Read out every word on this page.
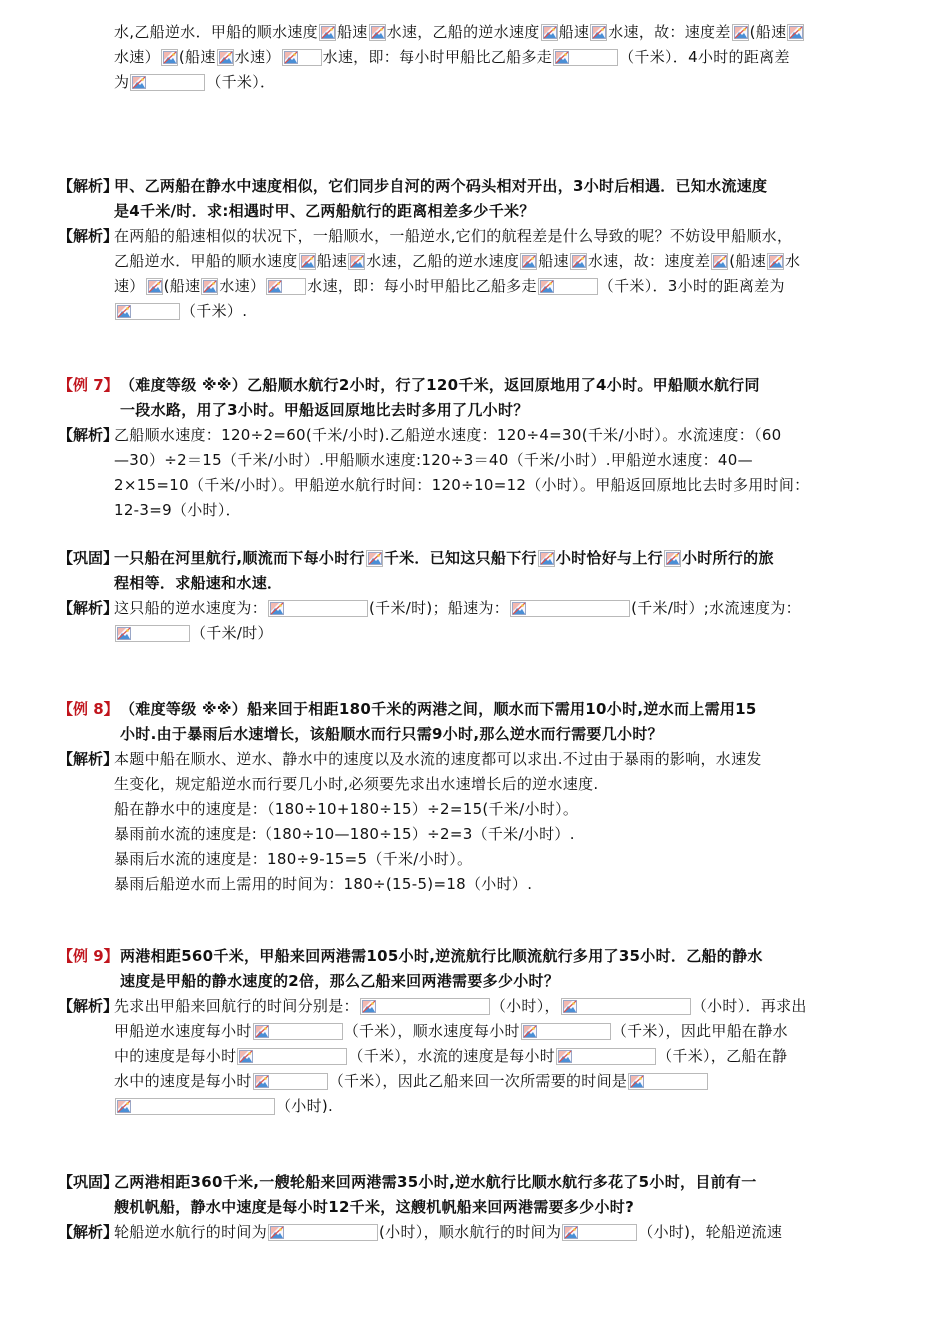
水,乙船逆水．甲船的顺水速度 船速 水速，乙船的逆水速度 船速 水速，故：速度差 (船速
水速） (船速 水速）	水速，即：每小时甲船比乙船多走	（千米）．4小时的距离差
为	（千米）．
【解析】
甲、乙两船在静水中速度相似，它们同步自河的两个码头相对开出，3小时后相遇．已知水流速度
是4千米/时．求:相遇时甲、乙两船航行的距离相差多少千米？
【解析】
在两船的船速相似的状况下，一船顺水，一船逆水,它们的航程差是什么导致的呢？不妨设甲船顺水，
乙船逆水．甲船的顺水速度 船速 水速，乙船的逆水速度 船速 水速，故：速度差 (船速 水
速） (船速 水速）	水速，即：每小时甲船比乙船多走	（千米）．3小时的距离差为
（千米）.
【例 7】 （难度等级 ※※）乙船顺水航行2小时，行了120千米，返回原地用了4小时。甲船顺水航行同
一段水路，用了3小时。甲船返回原地比去时多用了几小时？
【解析】
乙船顺水速度：120÷2=60(千米/小时).乙船逆水速度：120÷4=30(千米/小时）。水流速度：（60
—30）÷2＝15（千米/小时）.甲船顺水速度:120÷3＝40（千米/小时）.甲船逆水速度：40—
2×15=10（千米/小时）。甲船逆水航行时间：120÷10=12（小时）。甲船返回原地比去时多用时间：
12-3=9（小时）．
【巩固】
一只船在河里航行,顺流而下每小时行 千米．已知这只船下行 小时恰好与上行 小时所行的旅
程相等．求船速和水速．
【解析】
这只船的逆水速度为：	(千米/时)；船速为：	(千米/时）;水流速度为：
（千米/时）
【例 8】 （难度等级 ※※）船来回于相距180千米的两港之间，顺水而下需用10小时,逆水而上需用15
小时.由于暴雨后水速增长，该船顺水而行只需9小时,那么逆水而行需要几小时？
【解析】
本题中船在顺水、逆水、静水中的速度以及水流的速度都可以求出.不过由于暴雨的影响，水速发
生变化，规定船逆水而行要几小时,必须要先求出水速增长后的逆水速度.
船在静水中的速度是：（180÷10+180÷15）÷2=15(千米/小时）。
暴雨前水流的速度是:（180÷10—180÷15）÷2=3（千米/小时）.
暴雨后水流的速度是：180÷9-15=5（千米/小时）。
暴雨后船逆水而上需用的时间为：180÷(15-5)=18（小时）.
【例 9】 两港相距560千米，甲船来回两港需105小时,逆流航行比顺流航行多用了35小时．乙船的静水
速度是甲船的静水速度的2倍，那么乙船来回两港需要多少小时？
【解析】
先求出甲船来回航行的时间分别是：	（小时），	（小时）．再求出
甲船逆水速度每小时	（千米），顺水速度每小时	（千米），因此甲船在静水
中的速度是每小时	（千米），水流的速度是每小时	（千米），乙船在静
水中的速度是每小时	（千米），因此乙船来回一次所需要的时间是
（小时).
【巩固】
乙两港相距360千米,一艘轮船来回两港需35小时,逆水航行比顺水航行多花了5小时，目前有一
艘机帆船，静水中速度是每小时12千米，这艘机帆船来回两港需要多少小时?
【解析】
轮船逆水航行的时间为	(小时），顺水航行的时间为	（小时)，轮船逆流速
